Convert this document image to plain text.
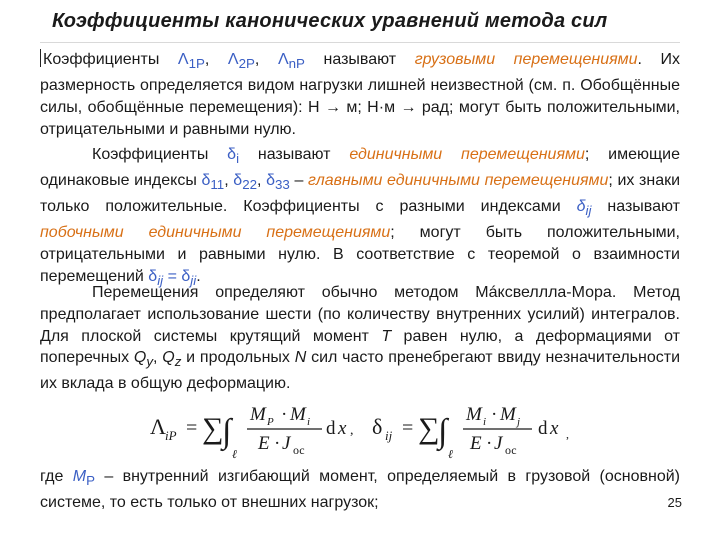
Коэффициенты канонических уравнений метода сил
Коэффициенты $\Lambda_{1P}$, $\Lambda_{2P}$, $\Lambda_{nP}$ называют грузовыми перемещениями. Их размерность определяется видом нагрузки лишней неизвестной (см. п. Обобщённые силы, обобщённые перемещения): Н → м; Н·м → рад; могут быть положительными, отрицательными и равными нулю.
Коэффициенты $\delta_i$ называют единичными перемещениями; имеющие одинаковые индексы $\delta_{11}$, $\delta_{22}$, $\delta_{33}$ – главными единичными перемещениями; их знаки только положительные. Коэффициенты с разными индексами $\delta_{ij}$ называют побочными единичными перемещениями; могут быть положительными, отрицательными и равными нулю. В соответствие с теоремой о взаимности перемещений $\delta_{ij} = \delta_{ji}$.
Перемещения определяют обычно методом Мáксвеллла-Мора. Метод предполагает использование шести (по количеству внутренних усилий) интегралов. Для плоской системы крутящий момент T равен нулю, а деформациями от поперечных $Q_y$, $Q_z$ и продольных N сил часто пренебрегают ввиду незначительности их вклада в общую деформацию.
Λ iP = ∑
∫
ℓ
M P · M i
E · J ос
d x , δ ij = ∑
∫
ℓ
M i · M j
E · J ос
d x ,
где $M_P$ – внутренний изгибающий момент, определяемый в грузовой (основной) системе, то есть только от внешних нагрузок;	25
